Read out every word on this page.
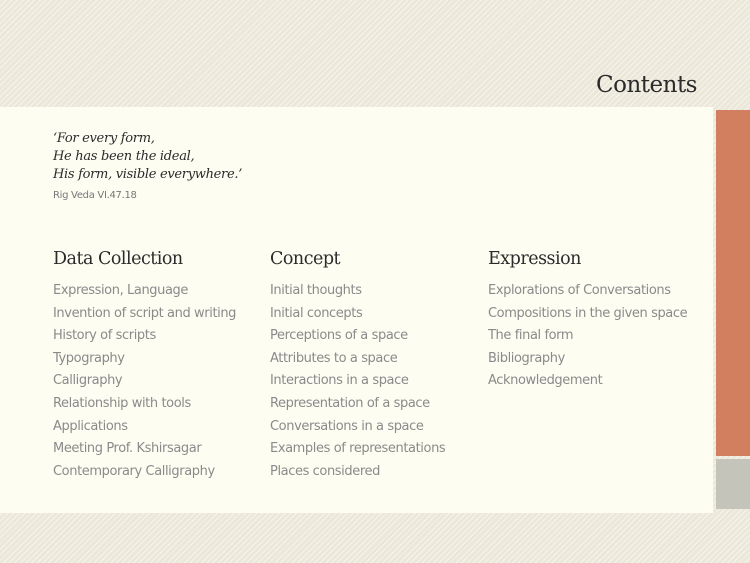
Contents
‘For every form,
He has been the ideal,
His form, visible everywhere.’
Rig Veda VI.47.18
Data Collection
Expression, Language
Invention of script and writing
History of scripts
Typography
Calligraphy
Relationship with tools
Applications
Meeting Prof. Kshirsagar
Contemporary Calligraphy
Concept
Initial thoughts
Initial concepts
Perceptions of a space
Attributes to a space
Interactions in a space
Representation of a space
Conversations in a space
Examples of representations
Places considered
Expression
Explorations of Conversations
Compositions in the given space
The final form
Bibliography
Acknowledgement
